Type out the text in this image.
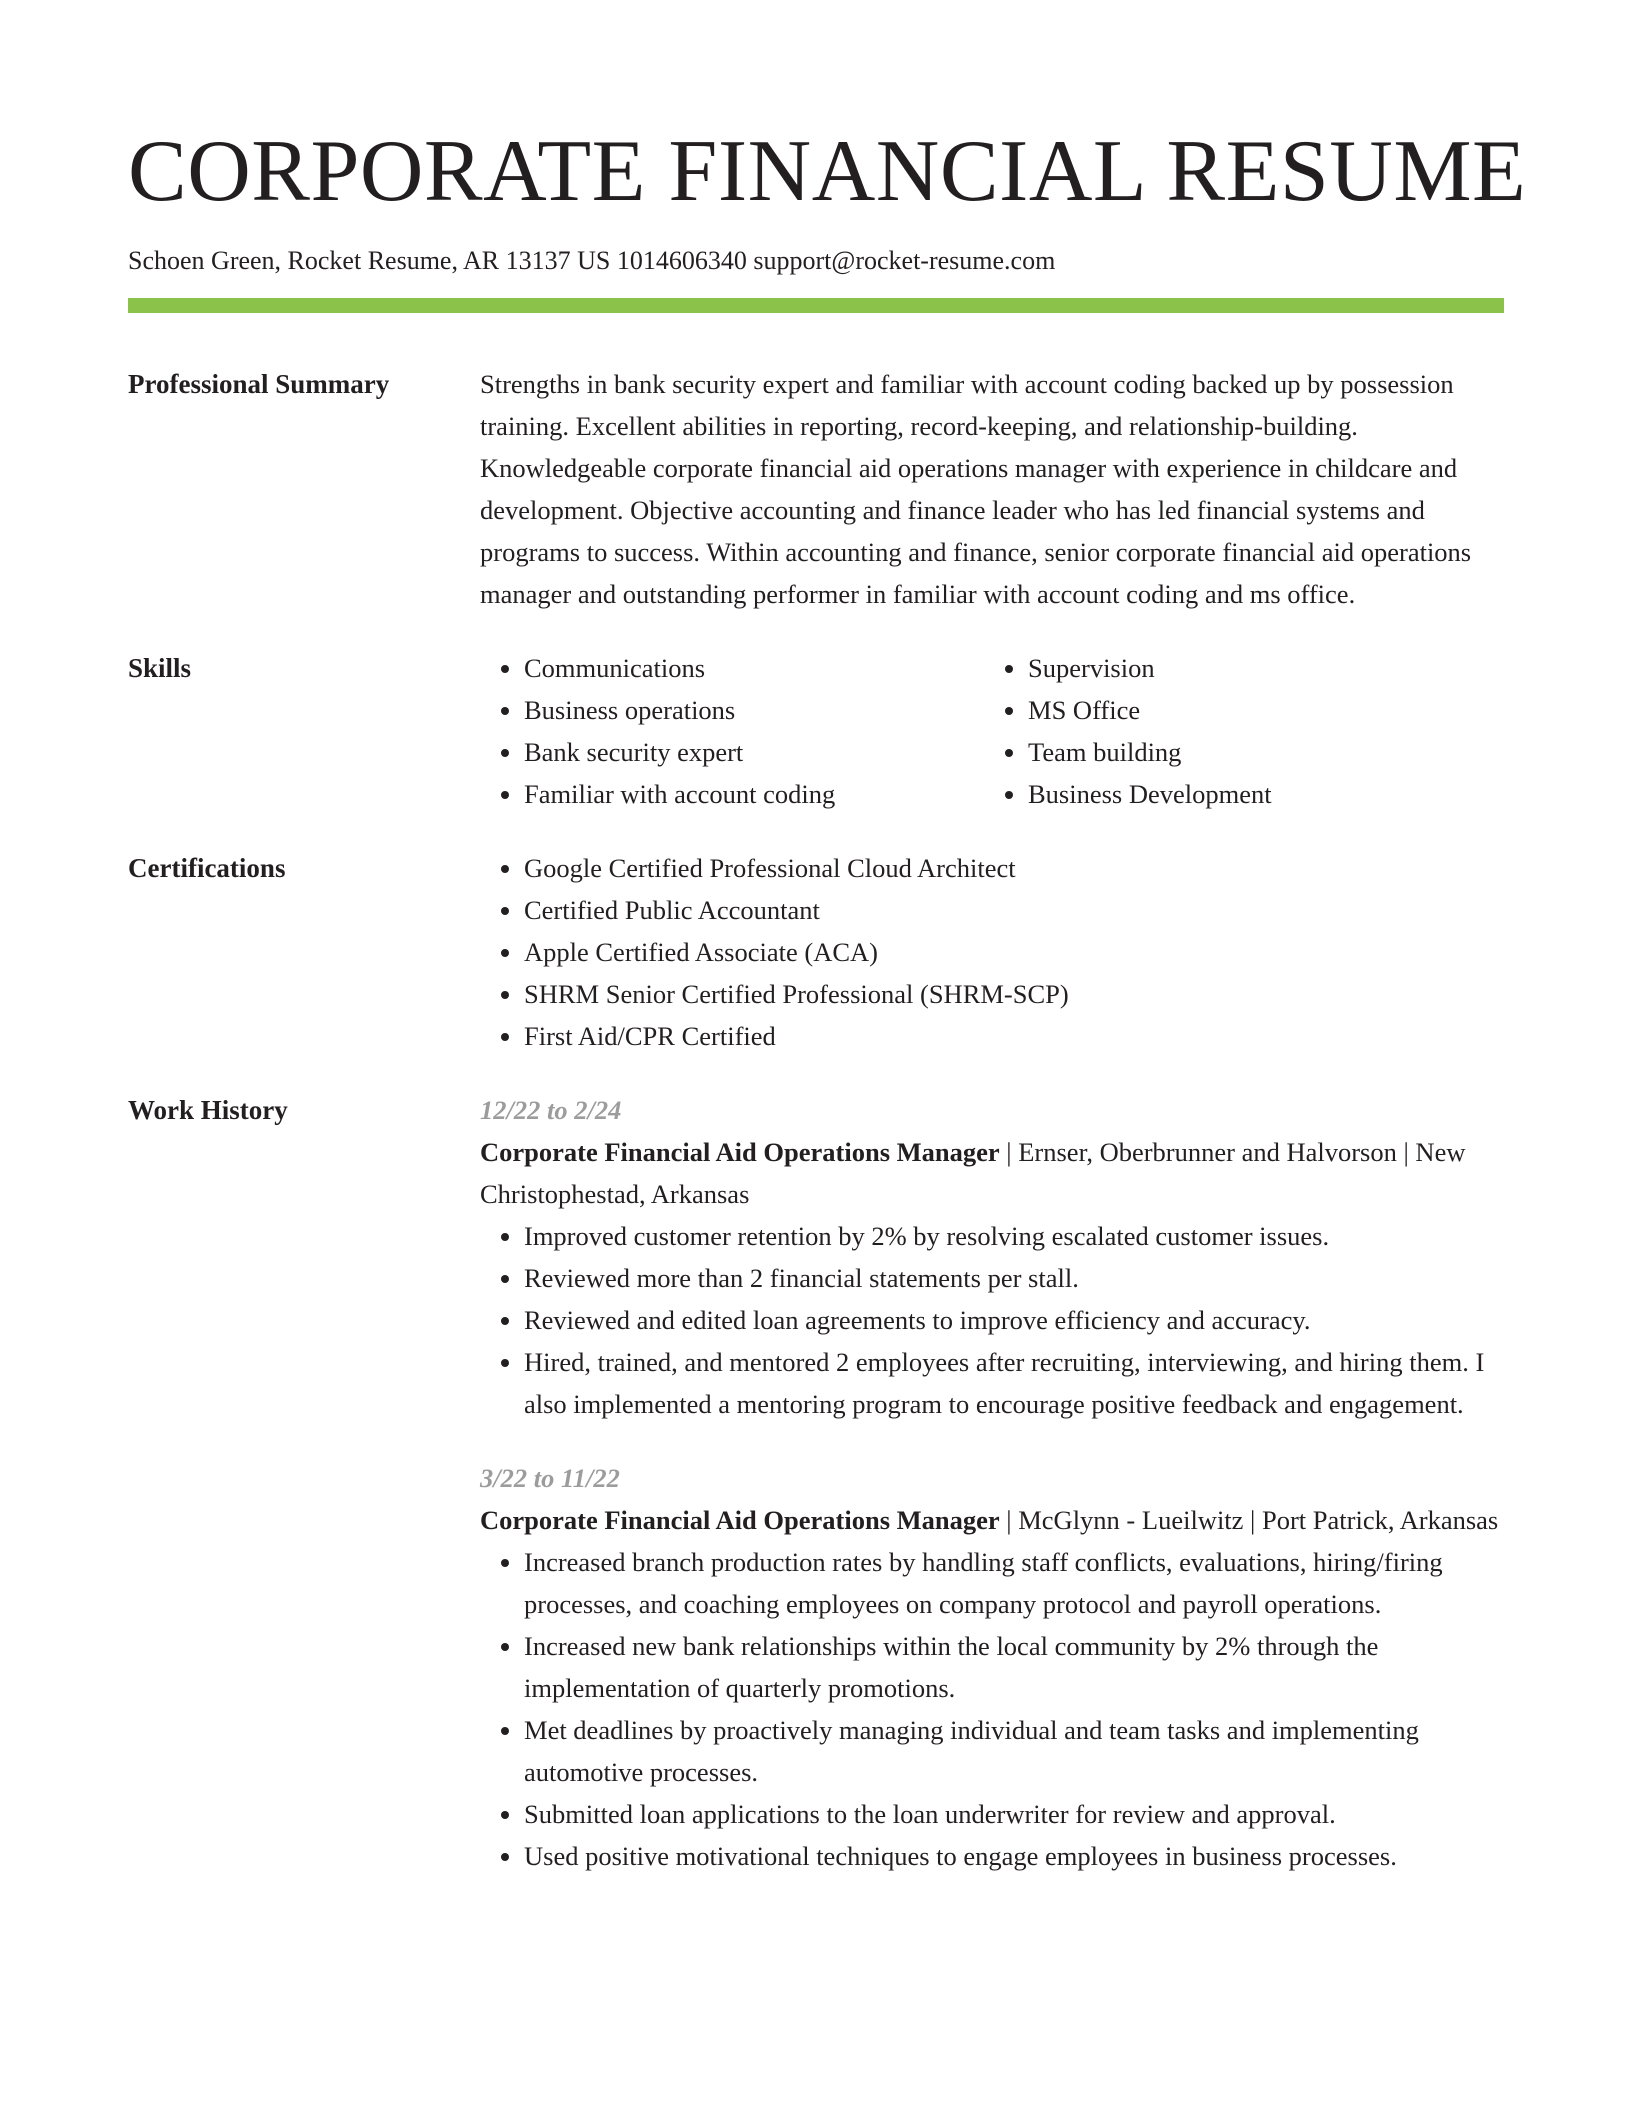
CORPORATE FINANCIAL RESUME
Schoen Green, Rocket Resume, AR 13137 US 1014606340 support@rocket-resume.com
Professional Summary	Strengths in bank security expert and familiar with account coding backed up by possession training. Excellent abilities in reporting, record-keeping, and relationship-building. Knowledgeable corporate financial aid operations manager with experience in childcare and development. Objective accounting and finance leader who has led financial systems and programs to success. Within accounting and finance, senior corporate financial aid operations manager and outstanding performer in familiar with account coding and ms office.

Skills	• Communications
• Business operations
• Bank security expert
• Familiar with account coding
• Supervision
• MS Office
• Team building
• Business Development
Certifications	• Google Certified Professional Cloud Architect
• Certified Public Accountant
• Apple Certified Associate (ACA)
• SHRM Senior Certified Professional (SHRM-SCP)
• First Aid/CPR Certified
Work History	12/22 to 2/24
Corporate Financial Aid Operations Manager | Ernser, Oberbrunner and Halvorson | New Christophestad, Arkansas
• Improved customer retention by 2% by resolving escalated customer issues.
• Reviewed more than 2 financial statements per stall.
• Reviewed and edited loan agreements to improve efficiency and accuracy.
• Hired, trained, and mentored 2 employees after recruiting, interviewing, and hiring them. I also implemented a mentoring program to encourage positive feedback and engagement.
3/22 to 11/22
Corporate Financial Aid Operations Manager | McGlynn - Lueilwitz | Port Patrick, Arkansas
• Increased branch production rates by handling staff conflicts, evaluations, hiring/firing processes, and coaching employees on company protocol and payroll operations.
• Increased new bank relationships within the local community by 2% through the implementation of quarterly promotions.
• Met deadlines by proactively managing individual and team tasks and implementing automotive processes.
• Submitted loan applications to the loan underwriter for review and approval.
• Used positive motivational techniques to engage employees in business processes.
